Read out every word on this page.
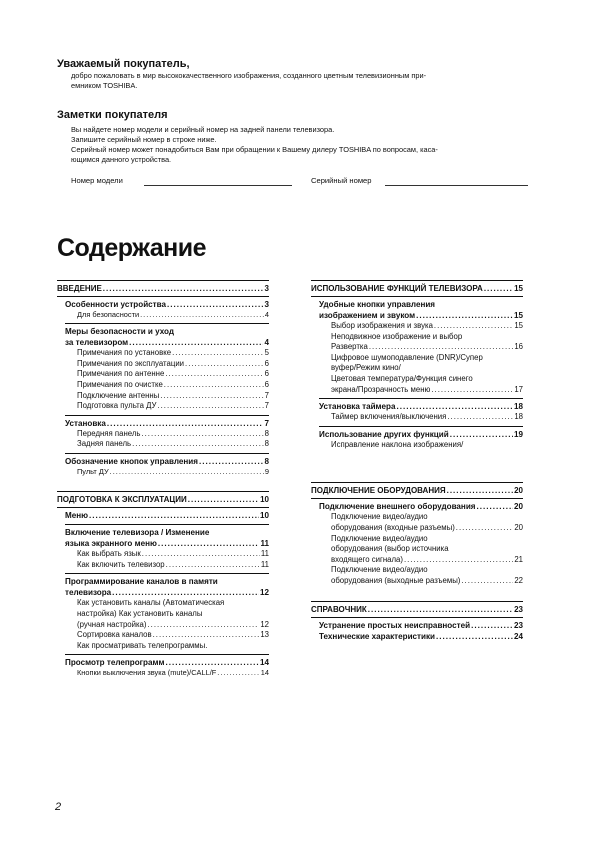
Уважаемый покупатель,

добро пожаловать в мир высококачественного изображения, созданного цветным телевизионным при-

емником TOSHIBA.

Заметки покупателя

Вы найдете номер модели и серийный номер на задней панели телевизора.

Запишите серийный номер в строке ниже.

Серийный номер может понадобиться Вам при обращении к Вашему дилеру TOSHIBA по вопросам, каса-

ющимся данного устройства.

Номер модели	Серийный номер
Содержание
ВВЕДЕНИЕ .....	3
Особенности устройства .....	3
Для безопасности .....	4
Меры безопасности и уход
за телевизором .....	4
Примечания по установке .....	5
Примечания по эксплуатации .....	6
Примечания по антенне .....	6
Примечания по очистке .....	6
Подключение антенны .....	7
Подготовка пульта ДУ .....	7
Установка .....	7
Передняя панель .....	8
Задняя панель .....	8
Обозначение кнопок управления .....	8
Пульт ДУ .....	9
ПОДГОТОВКА К ЭКСПЛУАТАЦИИ .....	10
Меню .....	10
Включение телевизора / Изменение
языка экранного меню .....	11
Как выбрать язык .....	11
Как включить телевизор .....	11
Программирование каналов в памяти
телевизора .....	12
Как установить каналы (Автоматическая
настройка) Как установить каналы
(ручная настройка) .....	12
Сортировка каналов .....	13
Как просматривать телепрограммы.
Просмотр телепрограмм .....	14
Кнопки выключения звука (mute)/CALL/F .....	14
ИСПОЛЬЗОВАНИЕ ФУНКЦИЙ ТЕЛЕВИЗОРА .....	15
Удобные кнопки управления
изображением и звуком .....	15
Выбор изображения и звука .....	15
Неподвижное изображение и выбор
Развертка .....	16
Цифровое шумоподавление (DNR)/Супер
вуфер/Режим кино/
Цветовая температура/Функция синего
экрана/Прозрачность меню .....	17
Установка таймера .....	18
Таймер включения/выключения .....	18
Использование других функций .....	19
Исправление наклона изображения/
ПОДКЛЮЧЕНИЕ ОБОРУДОВАНИЯ .....	20
Подключение внешнего оборудования .....	20
Подключение видео/аудио
оборудования (входные разъемы) .....	20
Подключение видео/аудио
оборудования (выбор источника
входящего сигнала) .....	21
Подключение видео/аудио
оборудования (выходные разъемы) .....	22
СПРАВОЧНИК .....	23
Устранение простых неисправностей .....	23
Технические характеристики .....	24
2
